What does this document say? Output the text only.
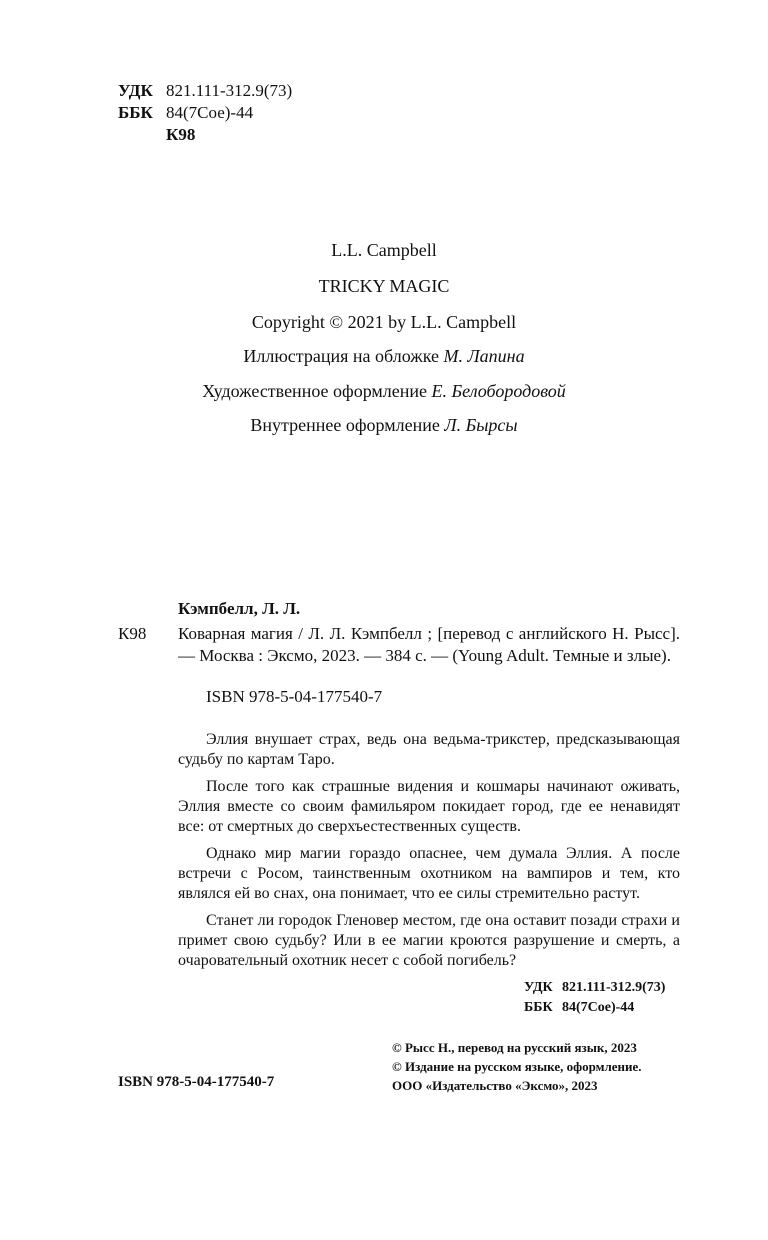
УДК 821.111-312.9(73)
ББК 84(7Сое)-44
К98
L.L. Campbell
TRICKY MAGIC
Copyright © 2021 by L.L. Campbell
Иллюстрация на обложке М. Лапина
Художественное оформление Е. Белобородовой
Внутреннее оформление Л. Бырсы
Кэмпбелл, Л. Л.
К98	Коварная магия / Л. Л. Кэмпбелл ; [перевод с английского Н. Рысс]. — Москва : Эксмо, 2023. — 384 с. — (Young Adult. Темные и злые).
ISBN 978-5-04-177540-7

Эллия внушает страх, ведь она ведьма-трикстер, предсказывающая судьбу по картам Таро.

После того как страшные видения и кошмары начинают оживать, Эллия вместе со своим фамильяром покидает город, где ее ненавидят все: от смертных до сверхъестественных существ.

Однако мир магии гораздо опаснее, чем думала Эллия. А после встречи с Росом, таинственным охотником на вампиров и тем, кто являлся ей во снах, она понимает, что ее силы стремительно растут.

Станет ли городок Гленовер местом, где она оставит позади страхи и примет свою судьбу? Или в ее магии кроются разрушение и смерть, а очаровательный охотник несет с собой погибель?

УДК 821.111-312.9(73)
ББК 84(7Сое)-44
© Рысс Н., перевод на русский язык, 2023
© Издание на русском языке, оформление.
ООО «Издательство «Эксмо», 2023
ISBN 978-5-04-177540-7
